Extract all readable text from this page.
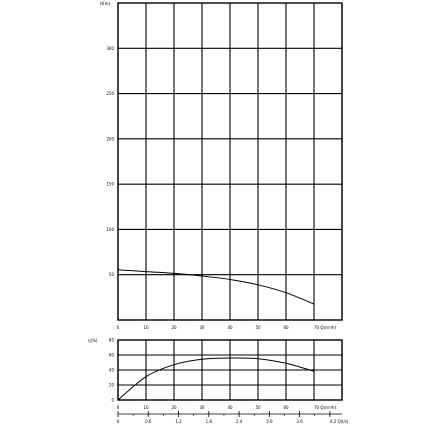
50
100
150
200
250
300
0	10	20	30	40	50	60	70 Q(m³/h)
H(m)
0
20
40
60
80
0	10	20	30	40	50	60	70 Q(m³/h)
η(%)
0	0.6	1.2	1.8	2.4	3.0	3.6	4.2 Q(l/s)
